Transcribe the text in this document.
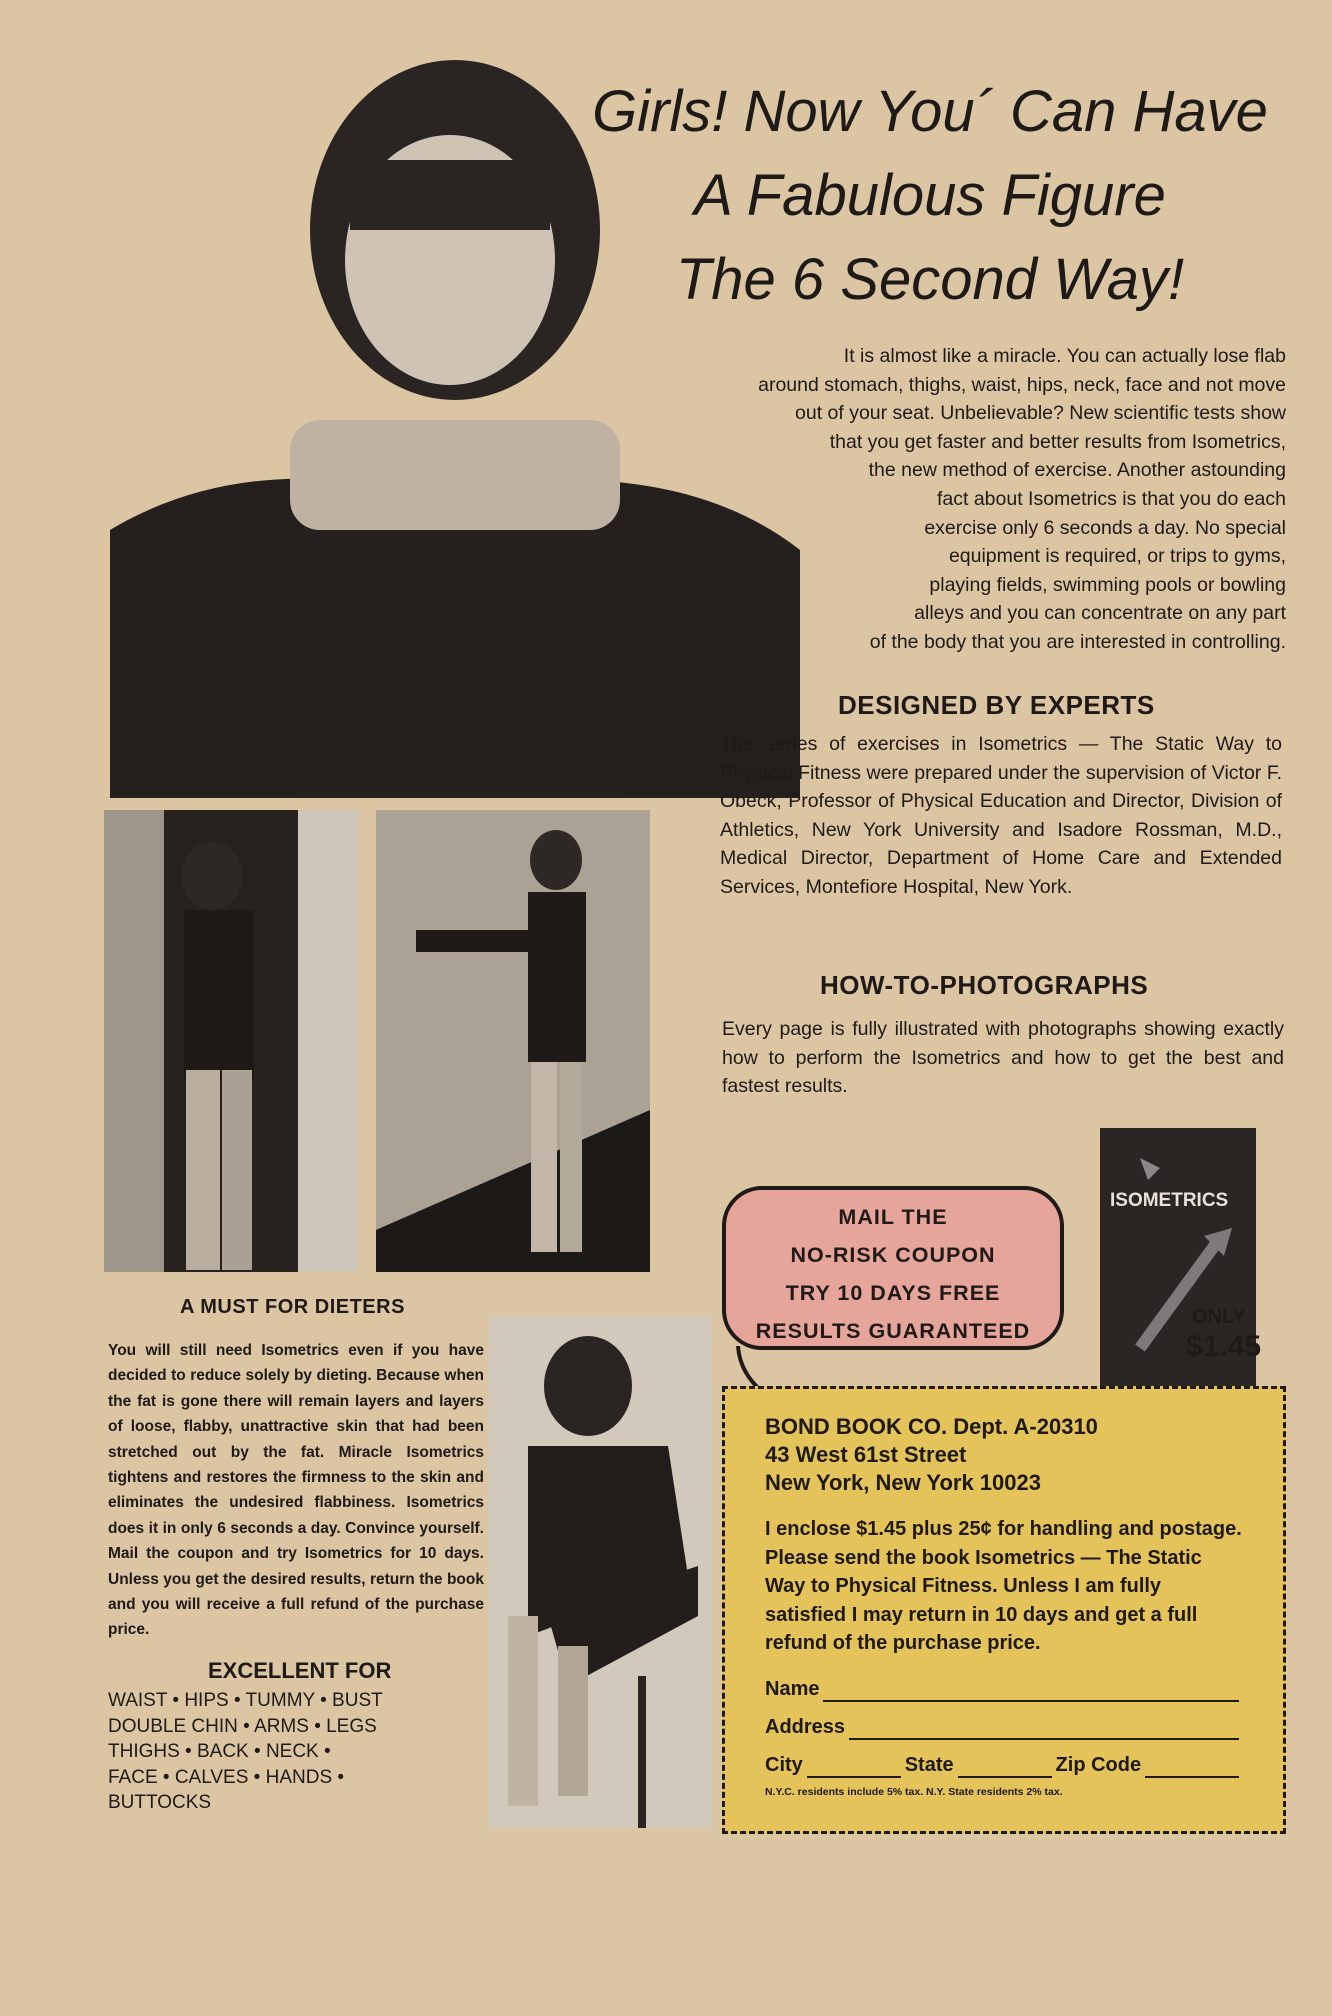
Girls! Now You´ Can Have
A Fabulous Figure
The 6 Second Way!
It is almost like a miracle. You can actually lose flab
around stomach, thighs, waist, hips, neck, face and not move
out of your seat. Unbelievable? New scientific tests show
that you get faster and better results from Isometrics,
the new method of exercise. Another astounding
fact about Isometrics is that you do each
exercise only 6 seconds a day. No special
equipment is required, or trips to gyms,
playing fields, swimming pools or bowling
alleys and you can concentrate on any part
of the body that you are interested in controlling.
DESIGNED BY EXPERTS
The series of exercises in Isometrics — The Static Way to Physical Fitness were prepared under the supervision of Victor F. Obeck, Professor of Physical Education and Director, Division of Athletics, New York University and Isadore Rossman, M.D., Medical Director, Department of Home Care and Extended Services, Montefiore Hospital, New York.
HOW-TO-PHOTOGRAPHS
Every page is fully illustrated with photographs showing exactly how to perform the Isometrics and how to get the best and fastest results.
A MUST FOR DIETERS
You will still need Isometrics even if you have decided to reduce solely by dieting. Because when the fat is gone there will remain layers and layers of loose, flabby, unattractive skin that had been stretched out by the fat. Miracle Isometrics tightens and restores the firmness to the skin and eliminates the undesired flabbiness. Isometrics does it in only 6 seconds a day. Convince yourself. Mail the coupon and try Isometrics for 10 days. Unless you get the desired results, return the book and you will receive a full refund of the purchase price.
EXCELLENT FOR
WAIST • HIPS • TUMMY • BUST
DOUBLE CHIN • ARMS • LEGS
THIGHS • BACK • NECK •
FACE • CALVES • HANDS •
BUTTOCKS
MAIL THE
NO-RISK COUPON
TRY 10 DAYS FREE
RESULTS GUARANTEED
ISOMETRICS
ONLY
$1.45
BOND BOOK CO. Dept. A-20310
43 West 61st Street
New York, New York 10023
I enclose $1.45 plus 25¢ for handling and postage. Please send the book Isometrics — The Static Way to Physical Fitness. Unless I am fully satisfied I may return in 10 days and get a full refund of the purchase price.
Name
Address
City	State	Zip Code
N.Y.C. residents include 5% tax. N.Y. State residents 2% tax.
